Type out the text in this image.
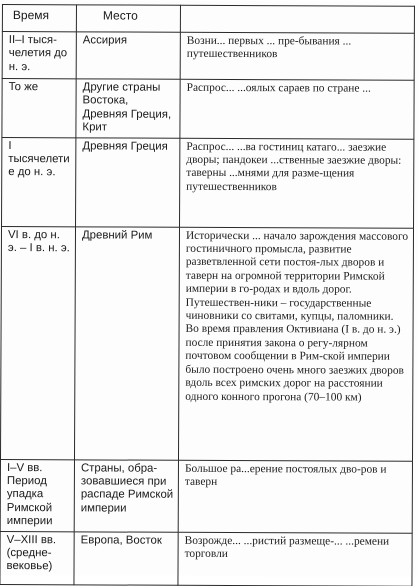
Время	Место	
II–I тыся-челетия до н. э.	Ассирия	Возни... первых ... пре-бывания ... путешественников
То же	Другие страны Востока, Древняя Греция, Крит	Распрос... ...оялых сараев по стране ...
I тысячелетие до н. э.	Древняя Греция	Распрос... ...ва гостиниц катаго... заезжие дворы; пандокеи ...ственные заезжие дворы: таверны ...мнями для разме-щения путешественников
VI в. до н. э. – I в. н. э.	Древний Рим	Исторически ... начало зарождения массового гостиничного промысла, развитие разветвленной сети постоя-лых дворов и таверн на огромной территории Римской империи в го-родах и вдоль дорог. Путешествен-ники – государственные чиновники со свитами, купцы, паломники. Во время правления Октивиана (I в. до н. э.) после принятия закона о регу-лярном почтовом сообщении в Рим-ской империи было построено очень много заезжих дворов вдоль всех римских дорог на расстоянии одного конного прогона (70–100 км)
I–V вв. Период упадка Римской империи	Страны, обра-зовавшиеся при распаде Римской империи	Большое ра...ерение постоялых дво-ров и таверн
V–XIII вв. (средне-вековье)	Европа, Восток	Возрожде... ...ристий размеще-... ...ремени торговли
